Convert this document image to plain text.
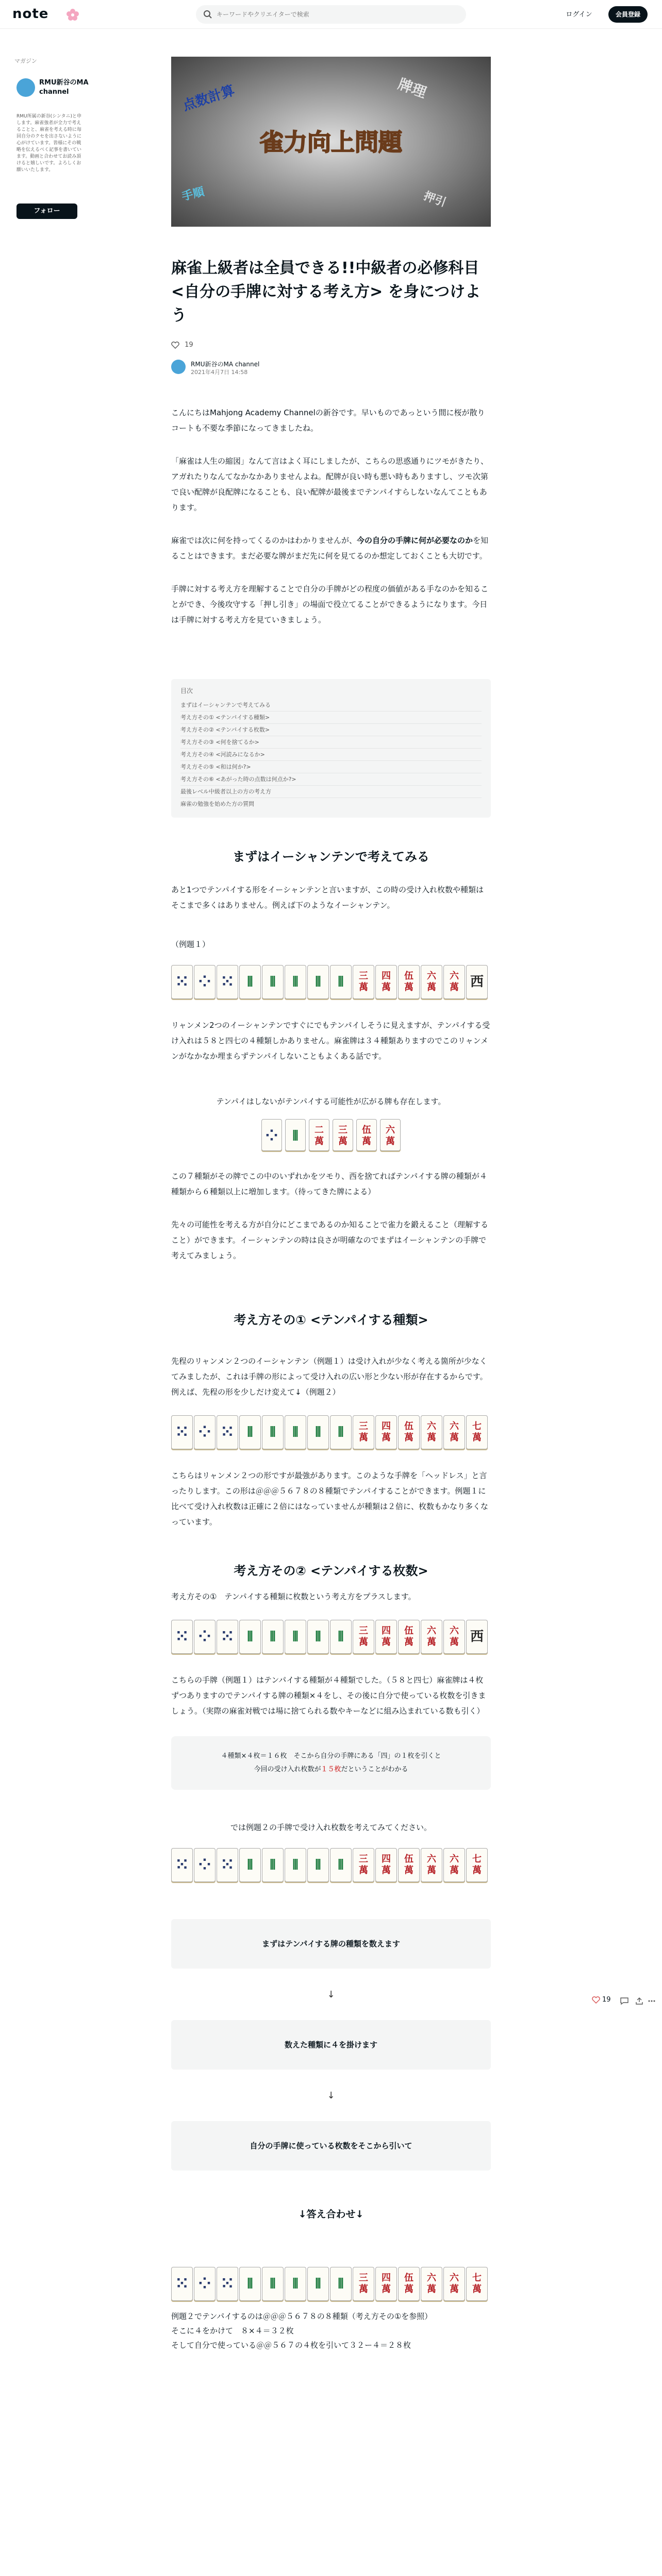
note
キーワードやクリエイターで検索	ログイン	会員登録
マガジン
RMU新谷のMA channel
RMU所属の新谷(シンタニ)と申します。麻雀強者が全力で考えることと、麻雀を考える時に毎回自分のクセを出さないように心がけています。皆様にその戦略を伝えるべく記事を書いています。動画と合わせてお読み頂けると嬉しいです。よろしくお願いいたします。
フォロー
点数計算	牌理
雀力向上問題
手順	押引
麻雀上級者は全員できる!!中級者の必修科目 <自分の手牌に対する考え方> を身につけよう
19
RMU新谷のMA channel
2021年4月7日 14:58

こんにちはMahjong Academy Channelの新谷です。早いものであっという間に桜が散りコートも不要な季節になってきましたね。

「麻雀は人生の縮図」なんて言はよく耳にしましたが、こちらの思惑通りにツモがきたり、アガれたりなんてなかなかありませんよね。配牌が良い時も悪い時もありますし、ツモ次第で良い配牌が良配牌になることも、良い配牌が最後までテンパイすらしないなんてこともあります。

麻雀では次に何を持ってくるのかはわかりませんが、今の自分の手牌に何が必要なのかを知ることはできます。まだ必要な牌がまだ先に何を見てるのか想定しておくことも大切です。

手牌に対する考え方を理解することで自分の手牌がどの程度の価値がある手なのかを知ることができ、今後攻守する「押し引き」の場面で役立てることができるようになります。今日は手牌に対する考え方を見ていきましょう。

目次
まずはイーシャンテンで考えてみる
考え方その① <テンパイする種類>
考え方その② <テンパイする枚数>
考え方その③ <何を捨てるか>
考え方その④ <河読みになるか>
考え方その⑤ <和は何か?>
考え方その⑥ <あがった時の点数は何点か?>
最後レベル中級者以上の方の考え方
麻雀の勉強を始めた方の質問
まずはイーシャンテンで考えてみる

あと1つでテンパイする形をイーシャンテンと言いますが、この時の受け入れ枚数や種類はそこまで多くはありません。例えば下のようなイーシャンテン。

（例題１）

⁙ ⁘ ⁙ ⦀	⦀	⦀	⦀	⦀	三
萬
四
萬
伍
萬
六
萬
六
萬 西

リャンメン2つのイーシャンテンですぐにでもテンパイしそうに見えますが、テンパイする受け入れは５８と四七の４種類しかありません。麻雀牌は３４種類ありますのでこのリャンメンがなかなか埋まらずテンパイしないこともよくある話です。

テンパイはしないがテンパイする可能性が広がる牌も存在します。

⁘	⦀	二
萬
三
萬
伍
萬
六
萬

この７種類がその牌でこの中のいずれかをツモり、西を捨てればテンパイする牌の種類が４種類から６種類以上に増加します。（待ってきた牌による）

先々の可能性を考える方が自分にどこまであるのか知ることで雀力を鍛えること（理解すること）ができます。イーシャンテンの時は良さが明確なのでまずはイーシャンテンの手牌で考えてみましょう。

考え方その① <テンパイする種類>

先程のリャンメン２つのイーシャンテン（例題１）は受け入れが少なく考える箇所が少なくてみましたが、これは手牌の形によって受け入れの広い形と少ない形が存在するからです。例えば、先程の形を少しだけ変えて↓（例題２）

⁙ ⁘ ⁙ ⦀	⦀	⦀	⦀	⦀	三
萬
四
萬
伍
萬
六
萬
六
萬
七
萬

こちらはリャンメン２つの形ですが最強があります。このような手牌を「ヘッドレス」と言ったりします。この形は＠＠＠５６７８の８種類でテンパイすることができます。例題１に比べて受け入れ枚数は正確に２倍にはなっていませんが種類は２倍に、枚数もかなり多くなっています。

考え方その② <テンパイする枚数>

考え方その①　テンパイする種類に枚数という考え方をプラスします。

⁙ ⁘ ⁙ ⦀	⦀	⦀	⦀	⦀	三
萬
四
萬
伍
萬
六
萬
六
萬 西

こちらの手牌（例題１）はテンパイする種類が４種類でした。（５８と四七）麻雀牌は４枚ずつありますのでテンパイする牌の種類×４をし、その後に自分で使っている枚数を引きましょう。（実際の麻雀対戦では場に捨てられる数やキーなどに組み込まれている数も引く）

４種類×４枚＝１６枚　そこから自分の手牌にある「四」の１枚を引くと
今回の受け入れ枚数が１５枚だということがわかる

では例題２の手牌で受け入れ枚数を考えてみてください。

⁙ ⁘ ⁙ ⦀	⦀	⦀	⦀	⦀	三
萬
四
萬
伍
萬
六
萬
六
萬
七
萬
まずはテンパイする牌の種類を数えます
↓
数えた種類に４を掛けます
↓
自分の手牌に使っている枚数をそこから引いて
↓答え合わせ↓
⁙ ⁘ ⁙ ⦀	⦀	⦀	⦀	⦀	三
萬
四
萬
伍
萬
六
萬
六
萬
七
萬

例題２でテンパイするのは＠＠＠５６７８の８種類（考え方その①を参照）

そこに４をかけて　８×４＝３２枚

そして自分で使っている＠＠５６７の４枚を引いて３２ー４＝２８枚

19
